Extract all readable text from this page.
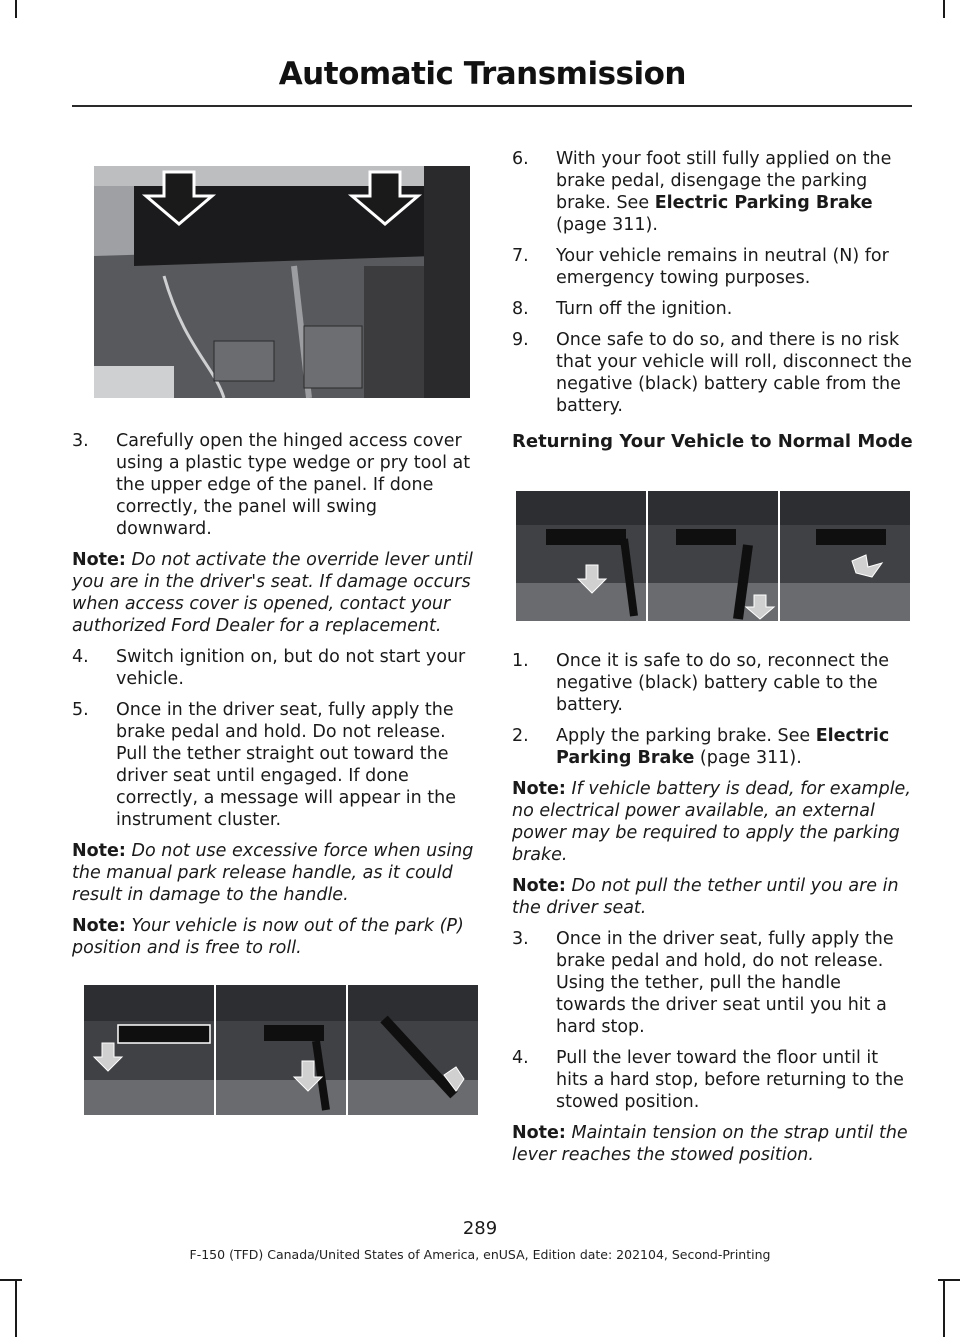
Automatic Transmission
3. Carefully open the hinged access cover using a plastic type wedge or pry tool at the upper edge of the panel. If done correctly, the panel will swing downward.
Note: Do not activate the override lever until you are in the driver's seat. If damage occurs when access cover is opened, contact your authorized Ford Dealer for a replacement.
4. Switch ignition on, but do not start your vehicle.
5. Once in the driver seat, fully apply the brake pedal and hold. Do not release. Pull the tether straight out toward the driver seat until engaged. If done correctly, a message will appear in the instrument cluster.
Note: Do not use excessive force when using the manual park release handle, as it could result in damage to the handle.
Note: Your vehicle is now out of the park (P) position and is free to roll.
6. With your foot still fully applied on the brake pedal, disengage the parking brake. See Electric Parking Brake (page 311).
7. Your vehicle remains in neutral (N) for emergency towing purposes.
8. Turn off the ignition.
9. Once safe to do so, and there is no risk that your vehicle will roll, disconnect the negative (black) battery cable from the battery.
Returning Your Vehicle to Normal Mode
1. Once it is safe to do so, reconnect the negative (black) battery cable to the battery.
2. Apply the parking brake. See Electric Parking Brake (page 311).
Note: If vehicle battery is dead, for example, no electrical power available, an external power may be required to apply the parking brake.
Note: Do not pull the tether until you are in the driver seat.
3. Once in the driver seat, fully apply the brake pedal and hold, do not release. Using the tether, pull the handle towards the driver seat until you hit a hard stop.
4. Pull the lever toward the floor until it hits a hard stop, before returning to the stowed position.
Note: Maintain tension on the strap until the lever reaches the stowed position.
289
F-150 (TFD) Canada/United States of America, enUSA, Edition date: 202104, Second-Printing
